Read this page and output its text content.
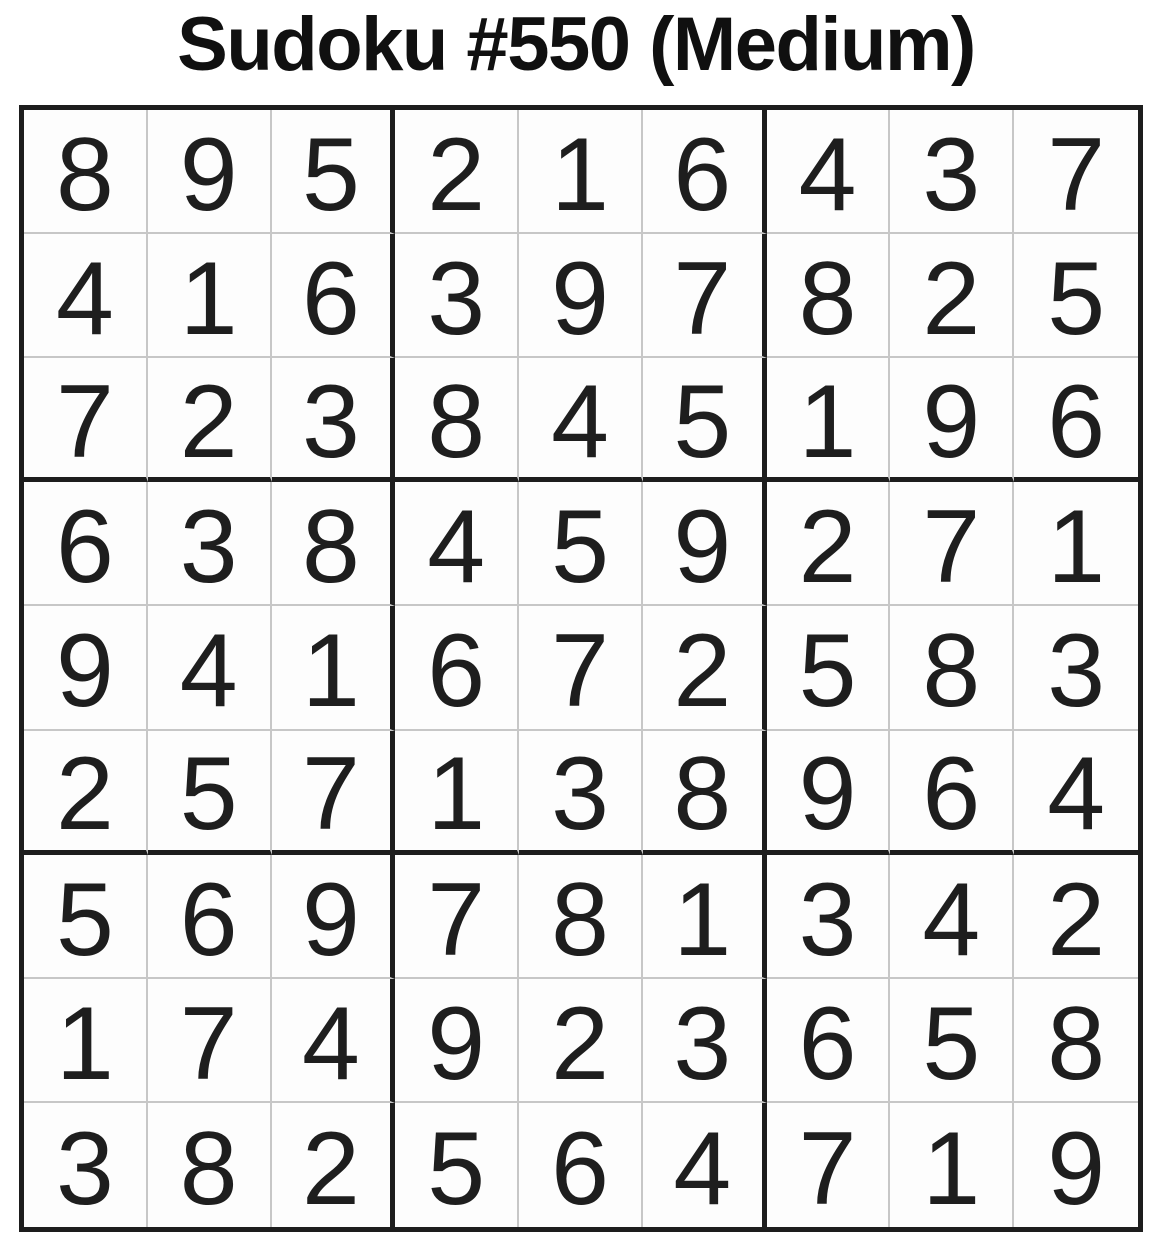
Sudoku #550 (Medium)
8 9 5 2 1 6 4 3 7
4 1 6 3 9 7 8 2 5
7 2 3 8 4 5 1 9 6
6 3 8 4 5 9 2 7 1
9 4 1 6 7 2 5 8 3
2 5 7 1 3 8 9 6 4
5 6 9 7 8 1 3 4 2
1 7 4 9 2 3 6 5 8
3 8 2 5 6 4 7 1 9
